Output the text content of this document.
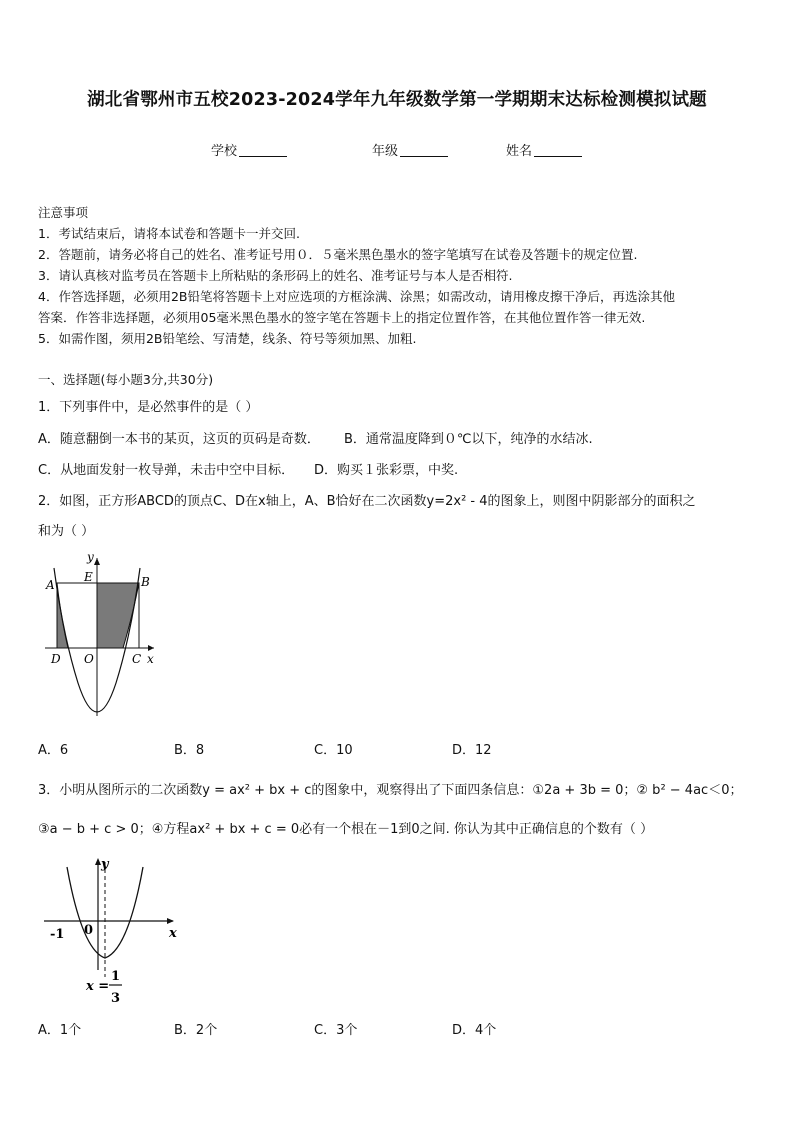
湖北省鄂州市五校2023-2024学年九年级数学第一学期期末达标检测模拟试题
学校	年级	姓名
注意事项
1．考试结束后，请将本试卷和答题卡一并交回.
2．答题前，请务必将自己的姓名、准考证号用０．５毫米黑色墨水的签字笔填写在试卷及答题卡的规定位置.
3．请认真核对监考员在答题卡上所粘贴的条形码上的姓名、准考证号与本人是否相符.
4．作答选择题，必须用2B铅笔将答题卡上对应选项的方框涂满、涂黑；如需改动，请用橡皮擦干净后，再选涂其他
答案．作答非选择题，必须用05毫米黑色墨水的签字笔在答题卡上的指定位置作答，在其他位置作答一律无效.
5．如需作图，须用2B铅笔绘、写清楚，线条、符号等须加黑、加粗.
一、选择题(每小题3分,共30分)
1．下列事件中，是必然事件的是（ ）
A．随意翻倒一本书的某页，这页的页码是奇数． B．通常温度降到０℃以下，纯净的水结冰.
C．从地面发射一枚导弹，未击中空中目标． D．购买１张彩票，中奖.
2．如图，正方形ABCD的顶点C、D在x轴上，A、B恰好在二次函数y=2x² - 4的图象上，则图中阴影部分的面积之
和为（ ）
y
E
A	B
D O	C x
A．6	B．8	C．10	D．12
3．小明从图所示的二次函数y = ax² + bx + c的图象中，观察得出了下面四条信息：①2a + 3b = 0；② b² − 4ac＜0；
③a − b + c > 0；④方程ax² + bx + c = 0必有一个根在－1到0之间. 你认为其中正确信息的个数有（ ）
y
x
-1 0
x =
1
3
A．1个	B．2个	C．3个	D．4个
